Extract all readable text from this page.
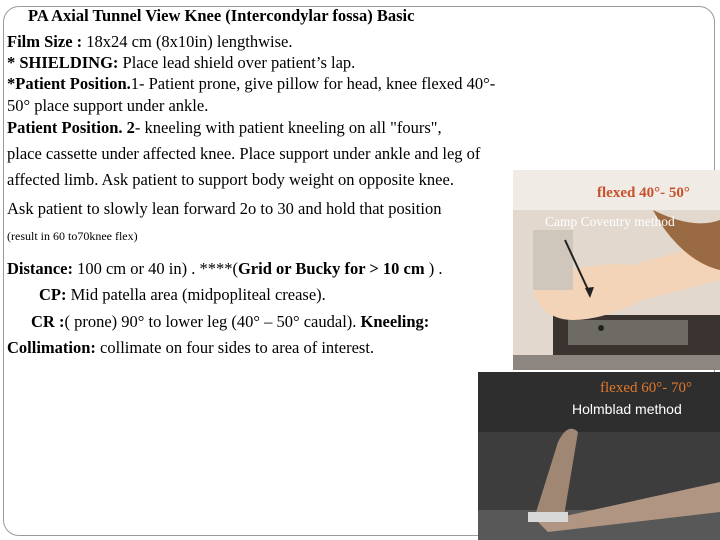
PA Axial Tunnel View Knee (Intercondylar fossa) Basic
Film Size : 18x24 cm (8x10in) lengthwise.
* SHIELDING: Place lead shield over patient’s lap.
*Patient Position.1- Patient prone, give pillow for head, knee flexed 40°-
50° place support under ankle.
Patient Position. 2- kneeling with patient kneeling on all "fours",
place cassette under affected knee. Place support under ankle and leg of
affected limb. Ask patient to support body weight on opposite knee.
Ask patient to slowly lean forward 2o to 30 and hold that position
(result in 60 to70knee flex)
Distance: 100 cm or 40 in) . ****(Grid or Bucky for > 10 cm ) .
CP: Mid patella area (midpopliteal crease).
CR :( prone) 90° to lower leg (40° – 50° caudal). Kneeling:
Collimation: collimate on four sides to area of interest.
flexed 40°- 50°
Camp Coventry method
flexed 60°- 70°
Holmblad method
